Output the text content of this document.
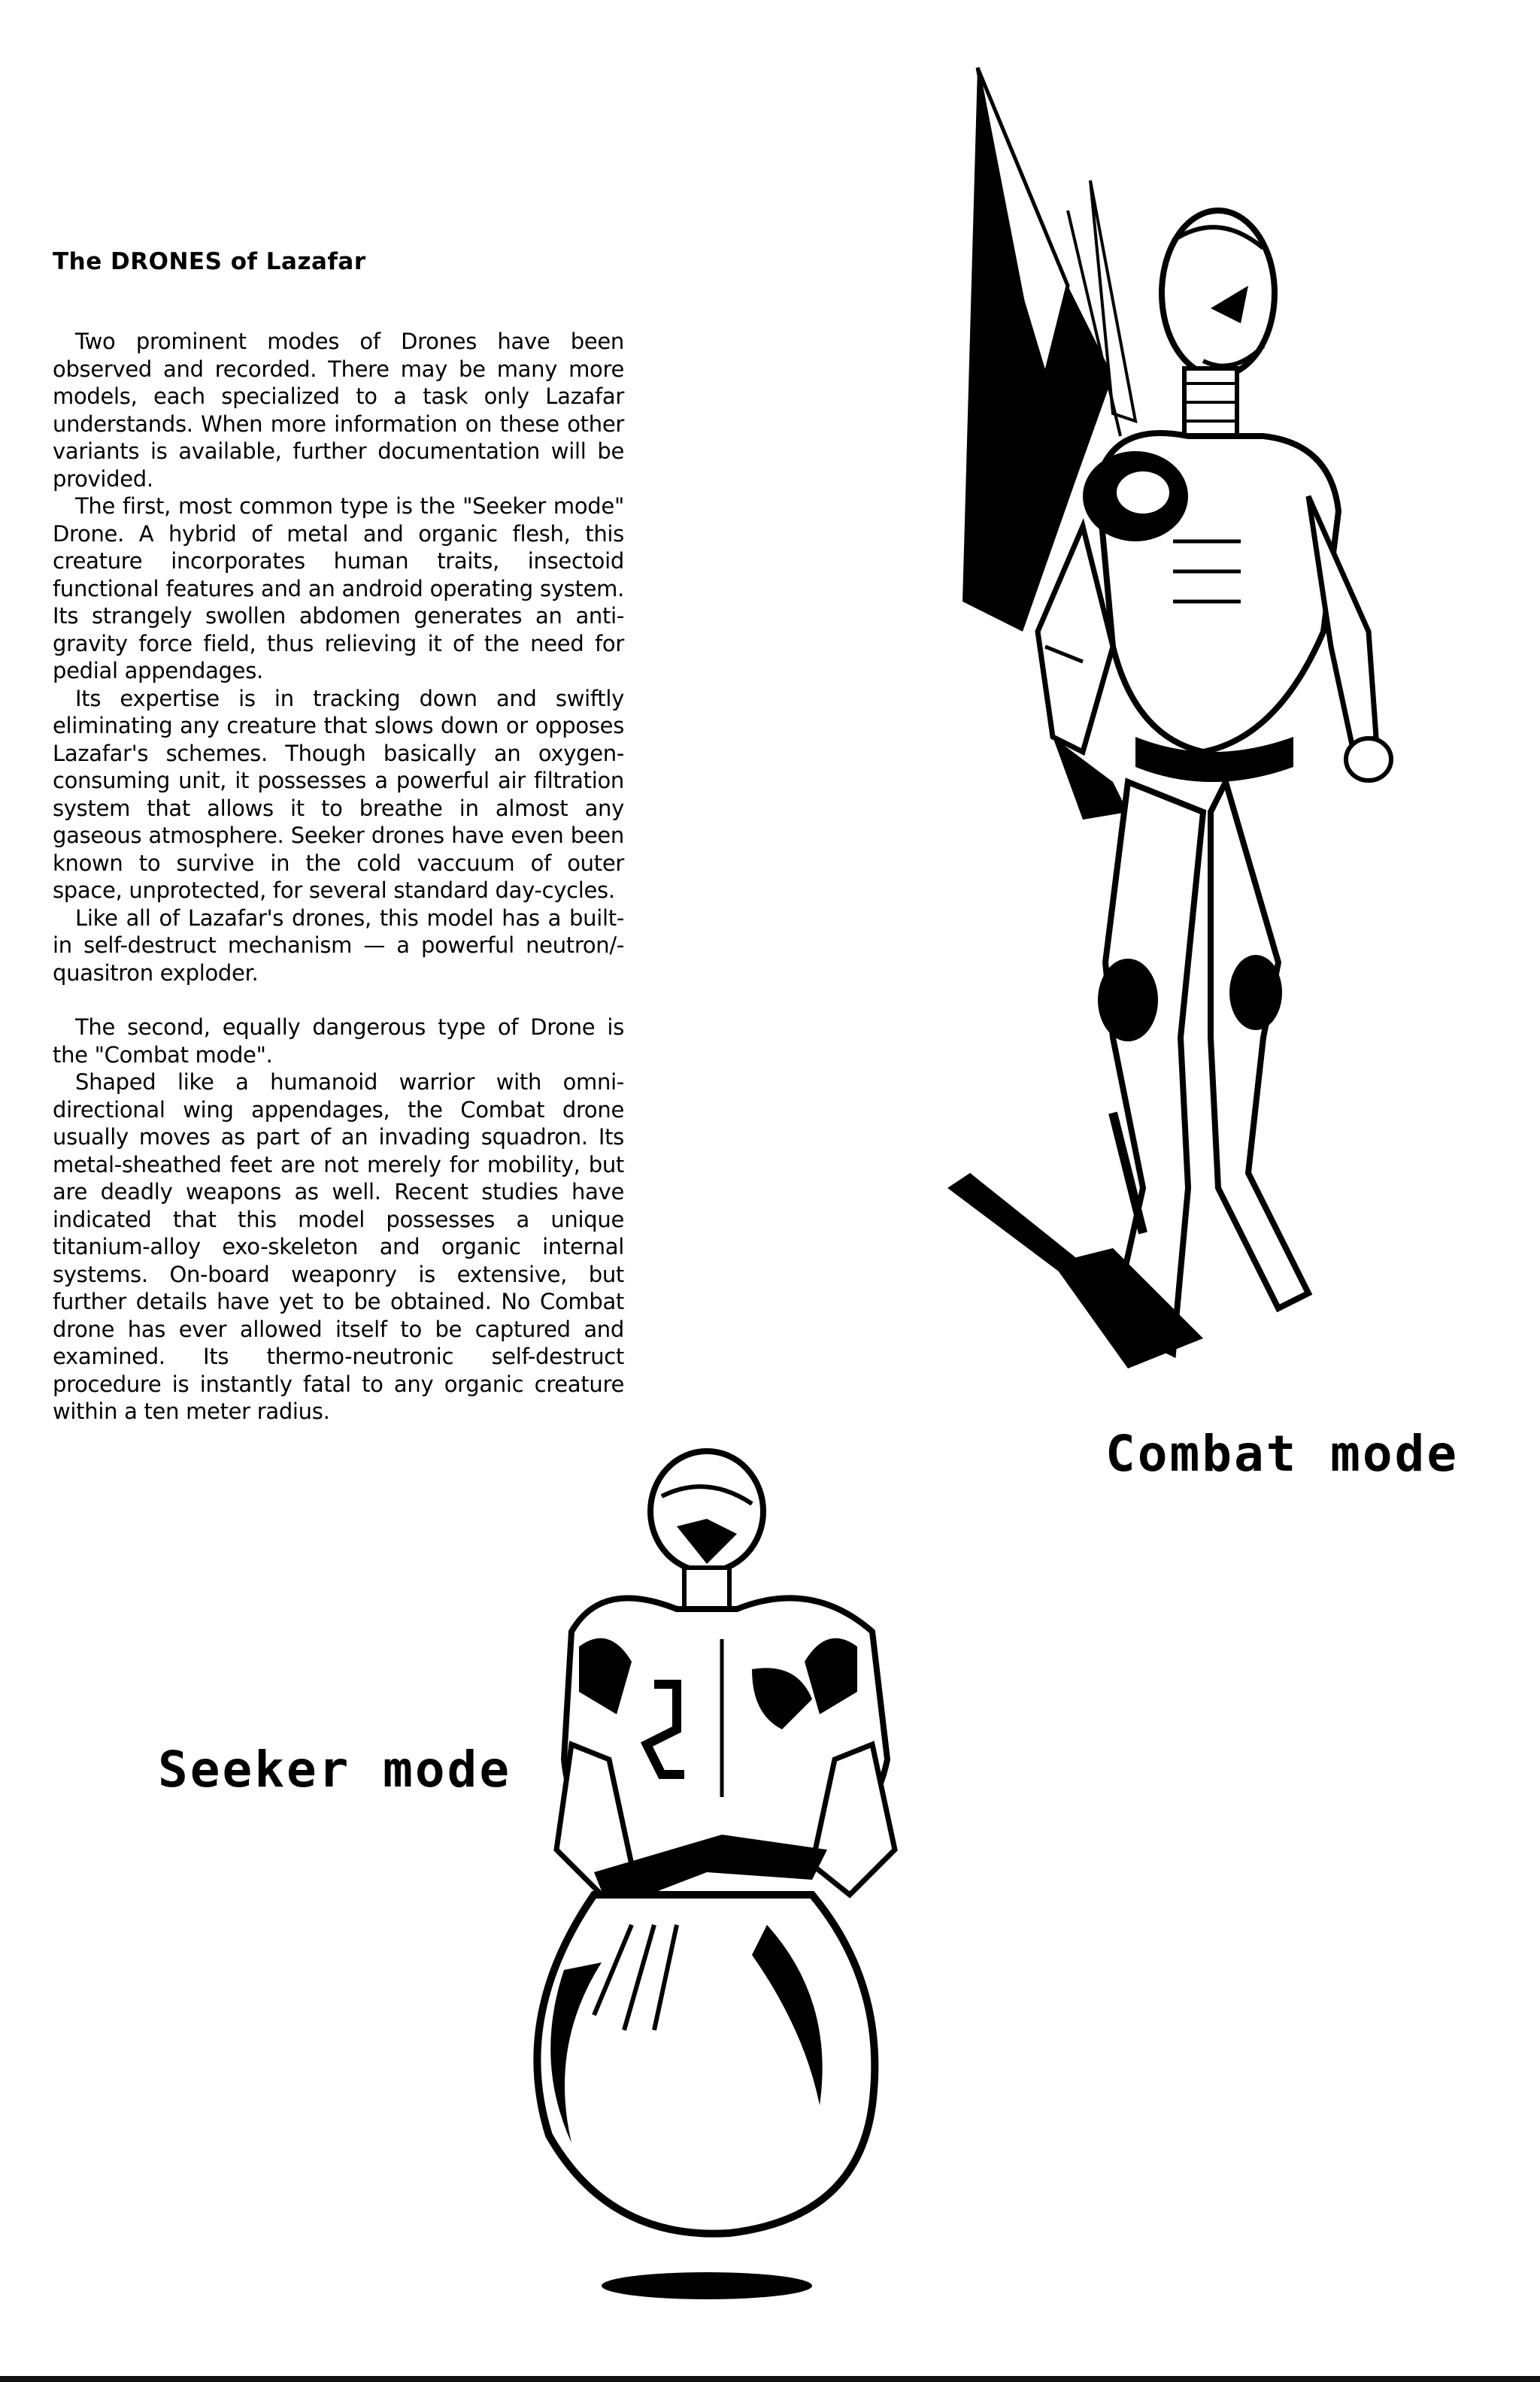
The DRONES of Lazafar

Two prominent modes of Drones have been observed and recorded. There may be many more models, each specialized to a task only Lazafar understands. When more information on these other variants is available, further documentation will be provided.

The first, most common type is the "Seeker mode" Drone. A hybrid of metal and organic flesh, this creature incorporates human traits, insectoid functional features and an android operating system. Its strangely swollen abdomen generates an anti-gravity force field, thus relieving it of the need for pedial appendages.

Its expertise is in tracking down and swiftly eliminating any creature that slows down or opposes Lazafar's schemes. Though basically an oxygen-consuming unit, it possesses a powerful air filtration system that allows it to breathe in almost any gaseous atmosphere. Seeker drones have even been known to survive in the cold vaccuum of outer space, unprotected, for several standard day-cycles.

Like all of Lazafar's drones, this model has a built-in self-destruct mechanism — a powerful neutron/-quasitron exploder.

The second, equally dangerous type of Drone is the "Combat mode".

Shaped like a humanoid warrior with omni-directional wing appendages, the Combat drone usually moves as part of an invading squadron. Its metal-sheathed feet are not merely for mobility, but are deadly weapons as well. Recent studies have indicated that this model possesses a unique titanium-alloy exo-skeleton and organic internal systems. On-board weaponry is extensive, but further details have yet to be obtained. No Combat drone has ever allowed itself to be captured and examined. Its thermo-neutronic self-destruct procedure is instantly fatal to any organic creature within a ten meter radius.

Combat mode
Seeker mode
